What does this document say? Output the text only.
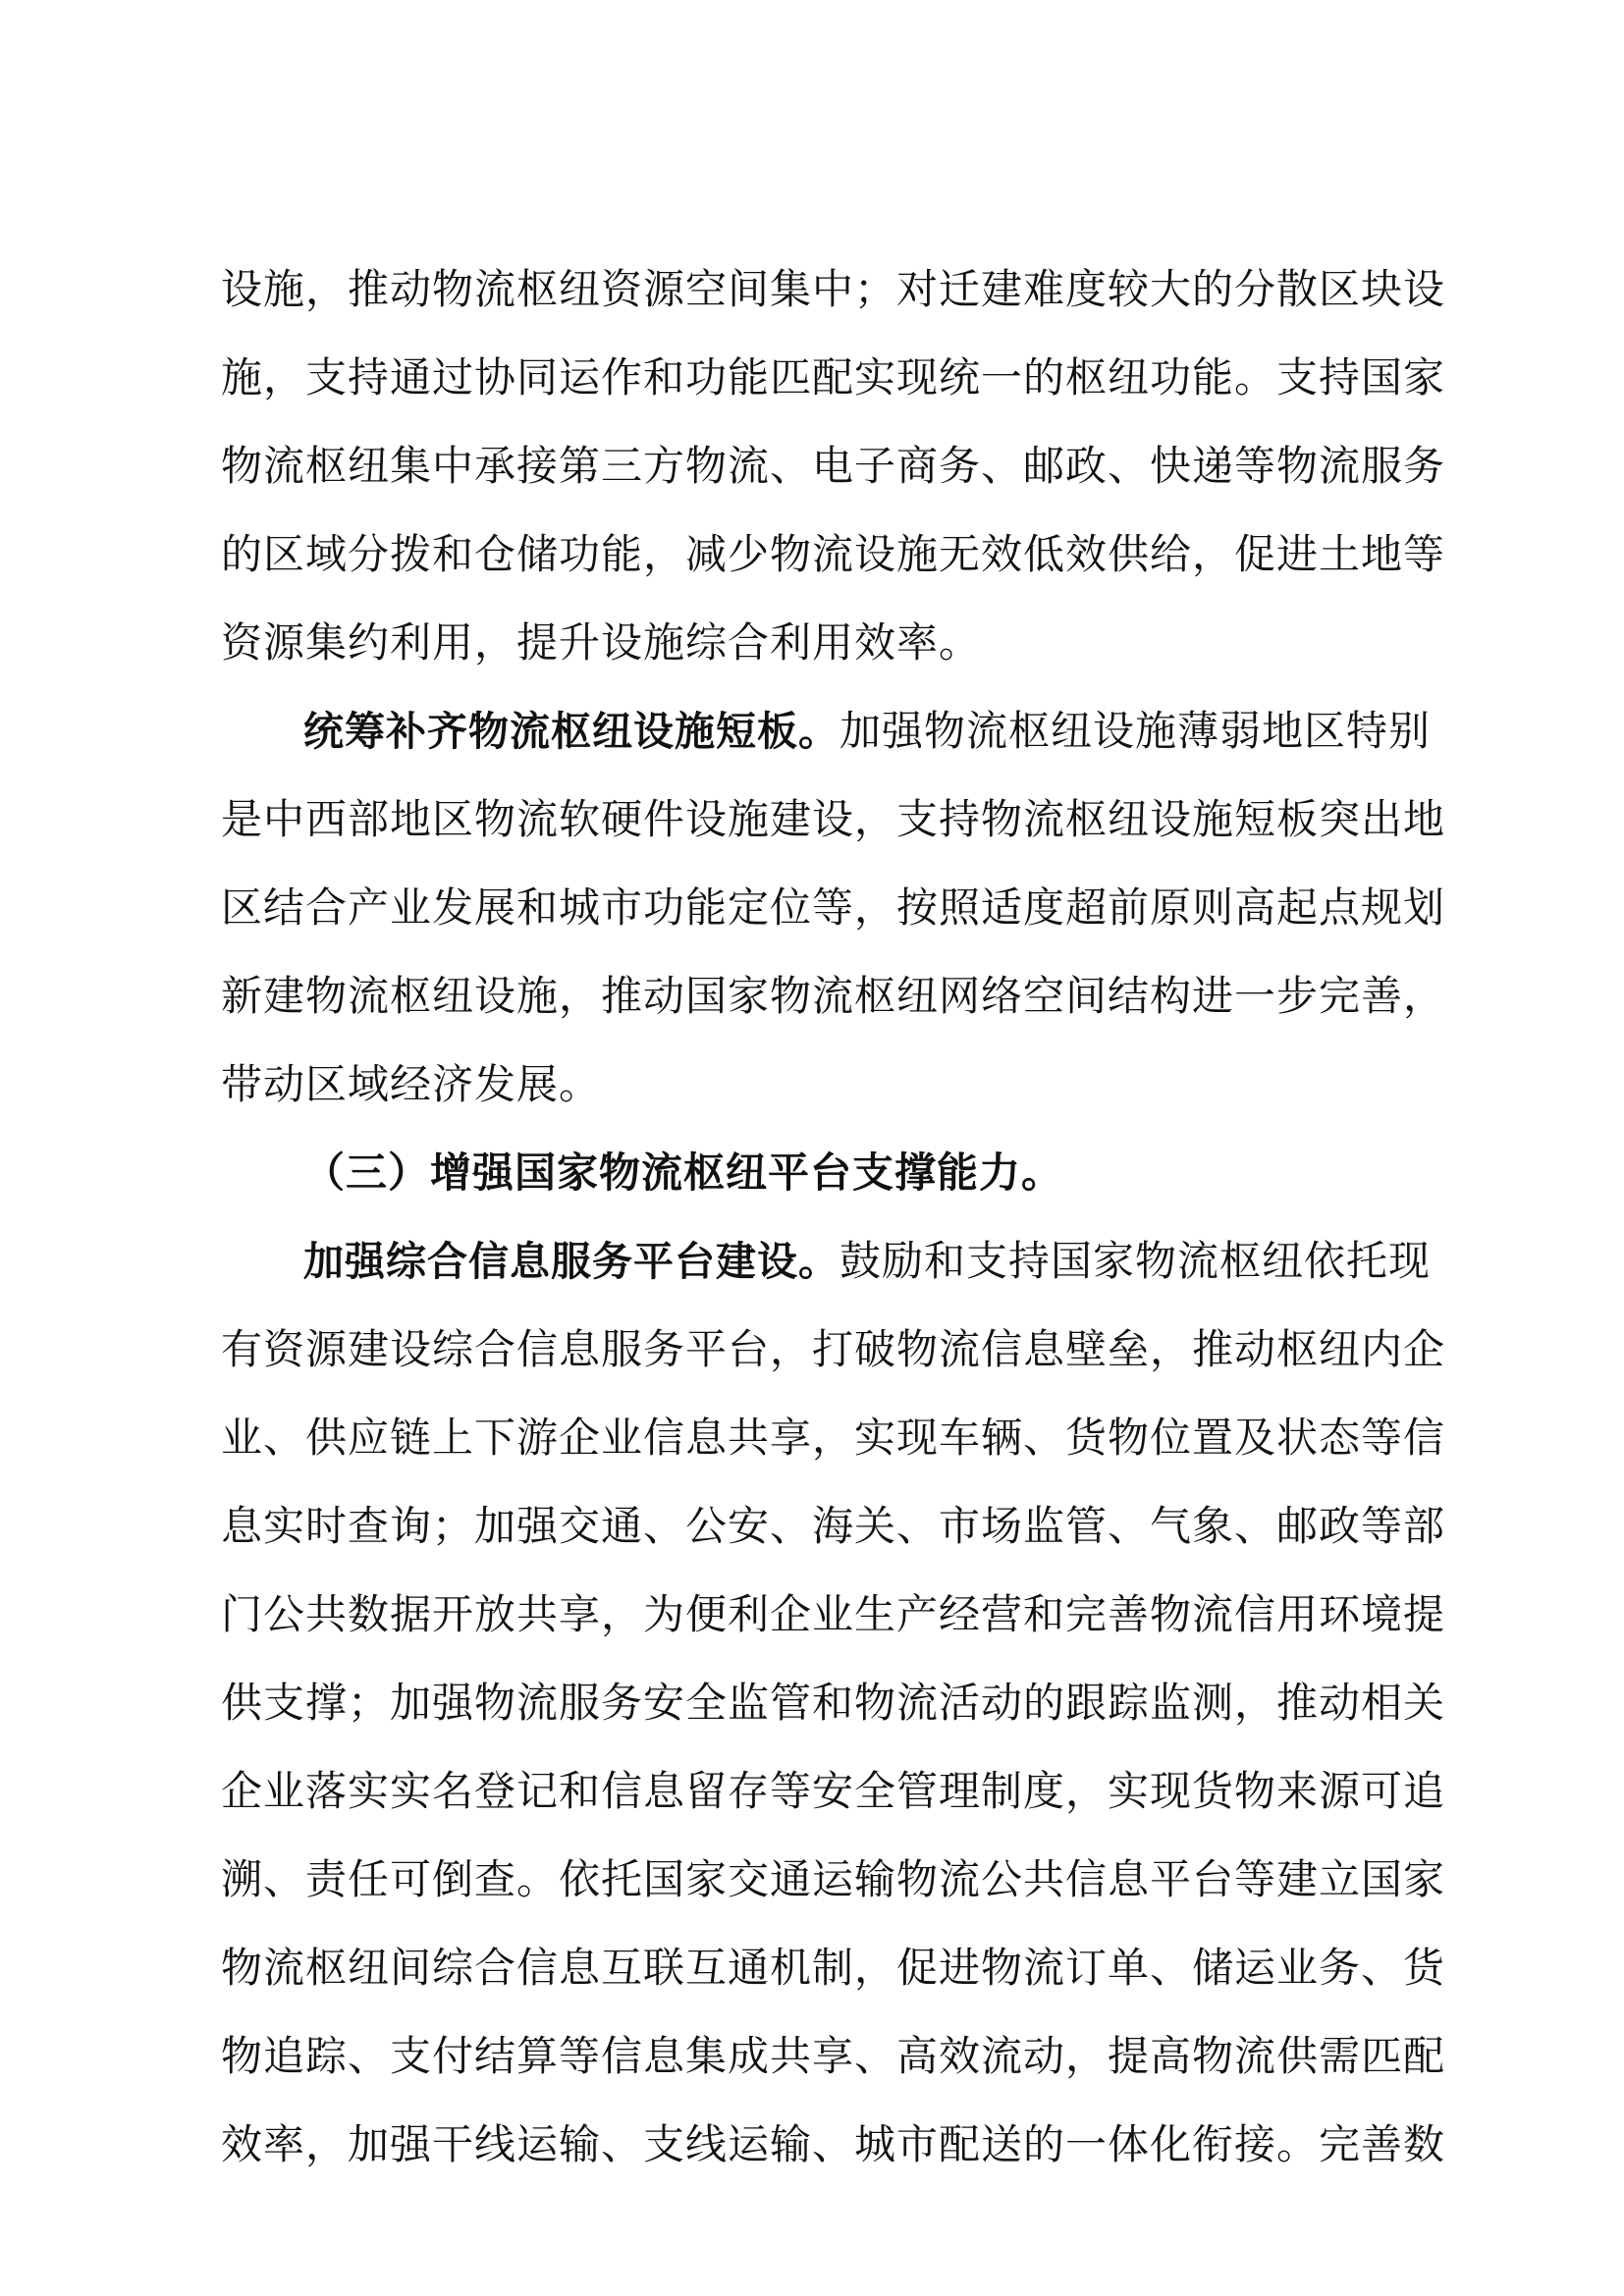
设施，推动物流枢纽资源空间集中；对迁建难度较大的分散区块设
施，支持通过协同运作和功能匹配实现统一的枢纽功能。支持国家
物流枢纽集中承接第三方物流、电子商务、邮政、快递等物流服务
的区域分拨和仓储功能，减少物流设施无效低效供给，促进土地等
资源集约利用，提升设施综合利用效率。
统筹补齐物流枢纽设施短板。加强物流枢纽设施薄弱地区特别
是中西部地区物流软硬件设施建设，支持物流枢纽设施短板突出地
区结合产业发展和城市功能定位等，按照适度超前原则高起点规划
新建物流枢纽设施，推动国家物流枢纽网络空间结构进一步完善，
带动区域经济发展。
（三）增强国家物流枢纽平台支撑能力。
加强综合信息服务平台建设。鼓励和支持国家物流枢纽依托现
有资源建设综合信息服务平台，打破物流信息壁垒，推动枢纽内企
业、供应链上下游企业信息共享，实现车辆、货物位置及状态等信
息实时查询；加强交通、公安、海关、市场监管、气象、邮政等部
门公共数据开放共享，为便利企业生产经营和完善物流信用环境提
供支撑；加强物流服务安全监管和物流活动的跟踪监测，推动相关
企业落实实名登记和信息留存等安全管理制度，实现货物来源可追
溯、责任可倒查。依托国家交通运输物流公共信息平台等建立国家
物流枢纽间综合信息互联互通机制，促进物流订单、储运业务、货
物追踪、支付结算等信息集成共享、高效流动，提高物流供需匹配
效率，加强干线运输、支线运输、城市配送的一体化衔接。完善数
